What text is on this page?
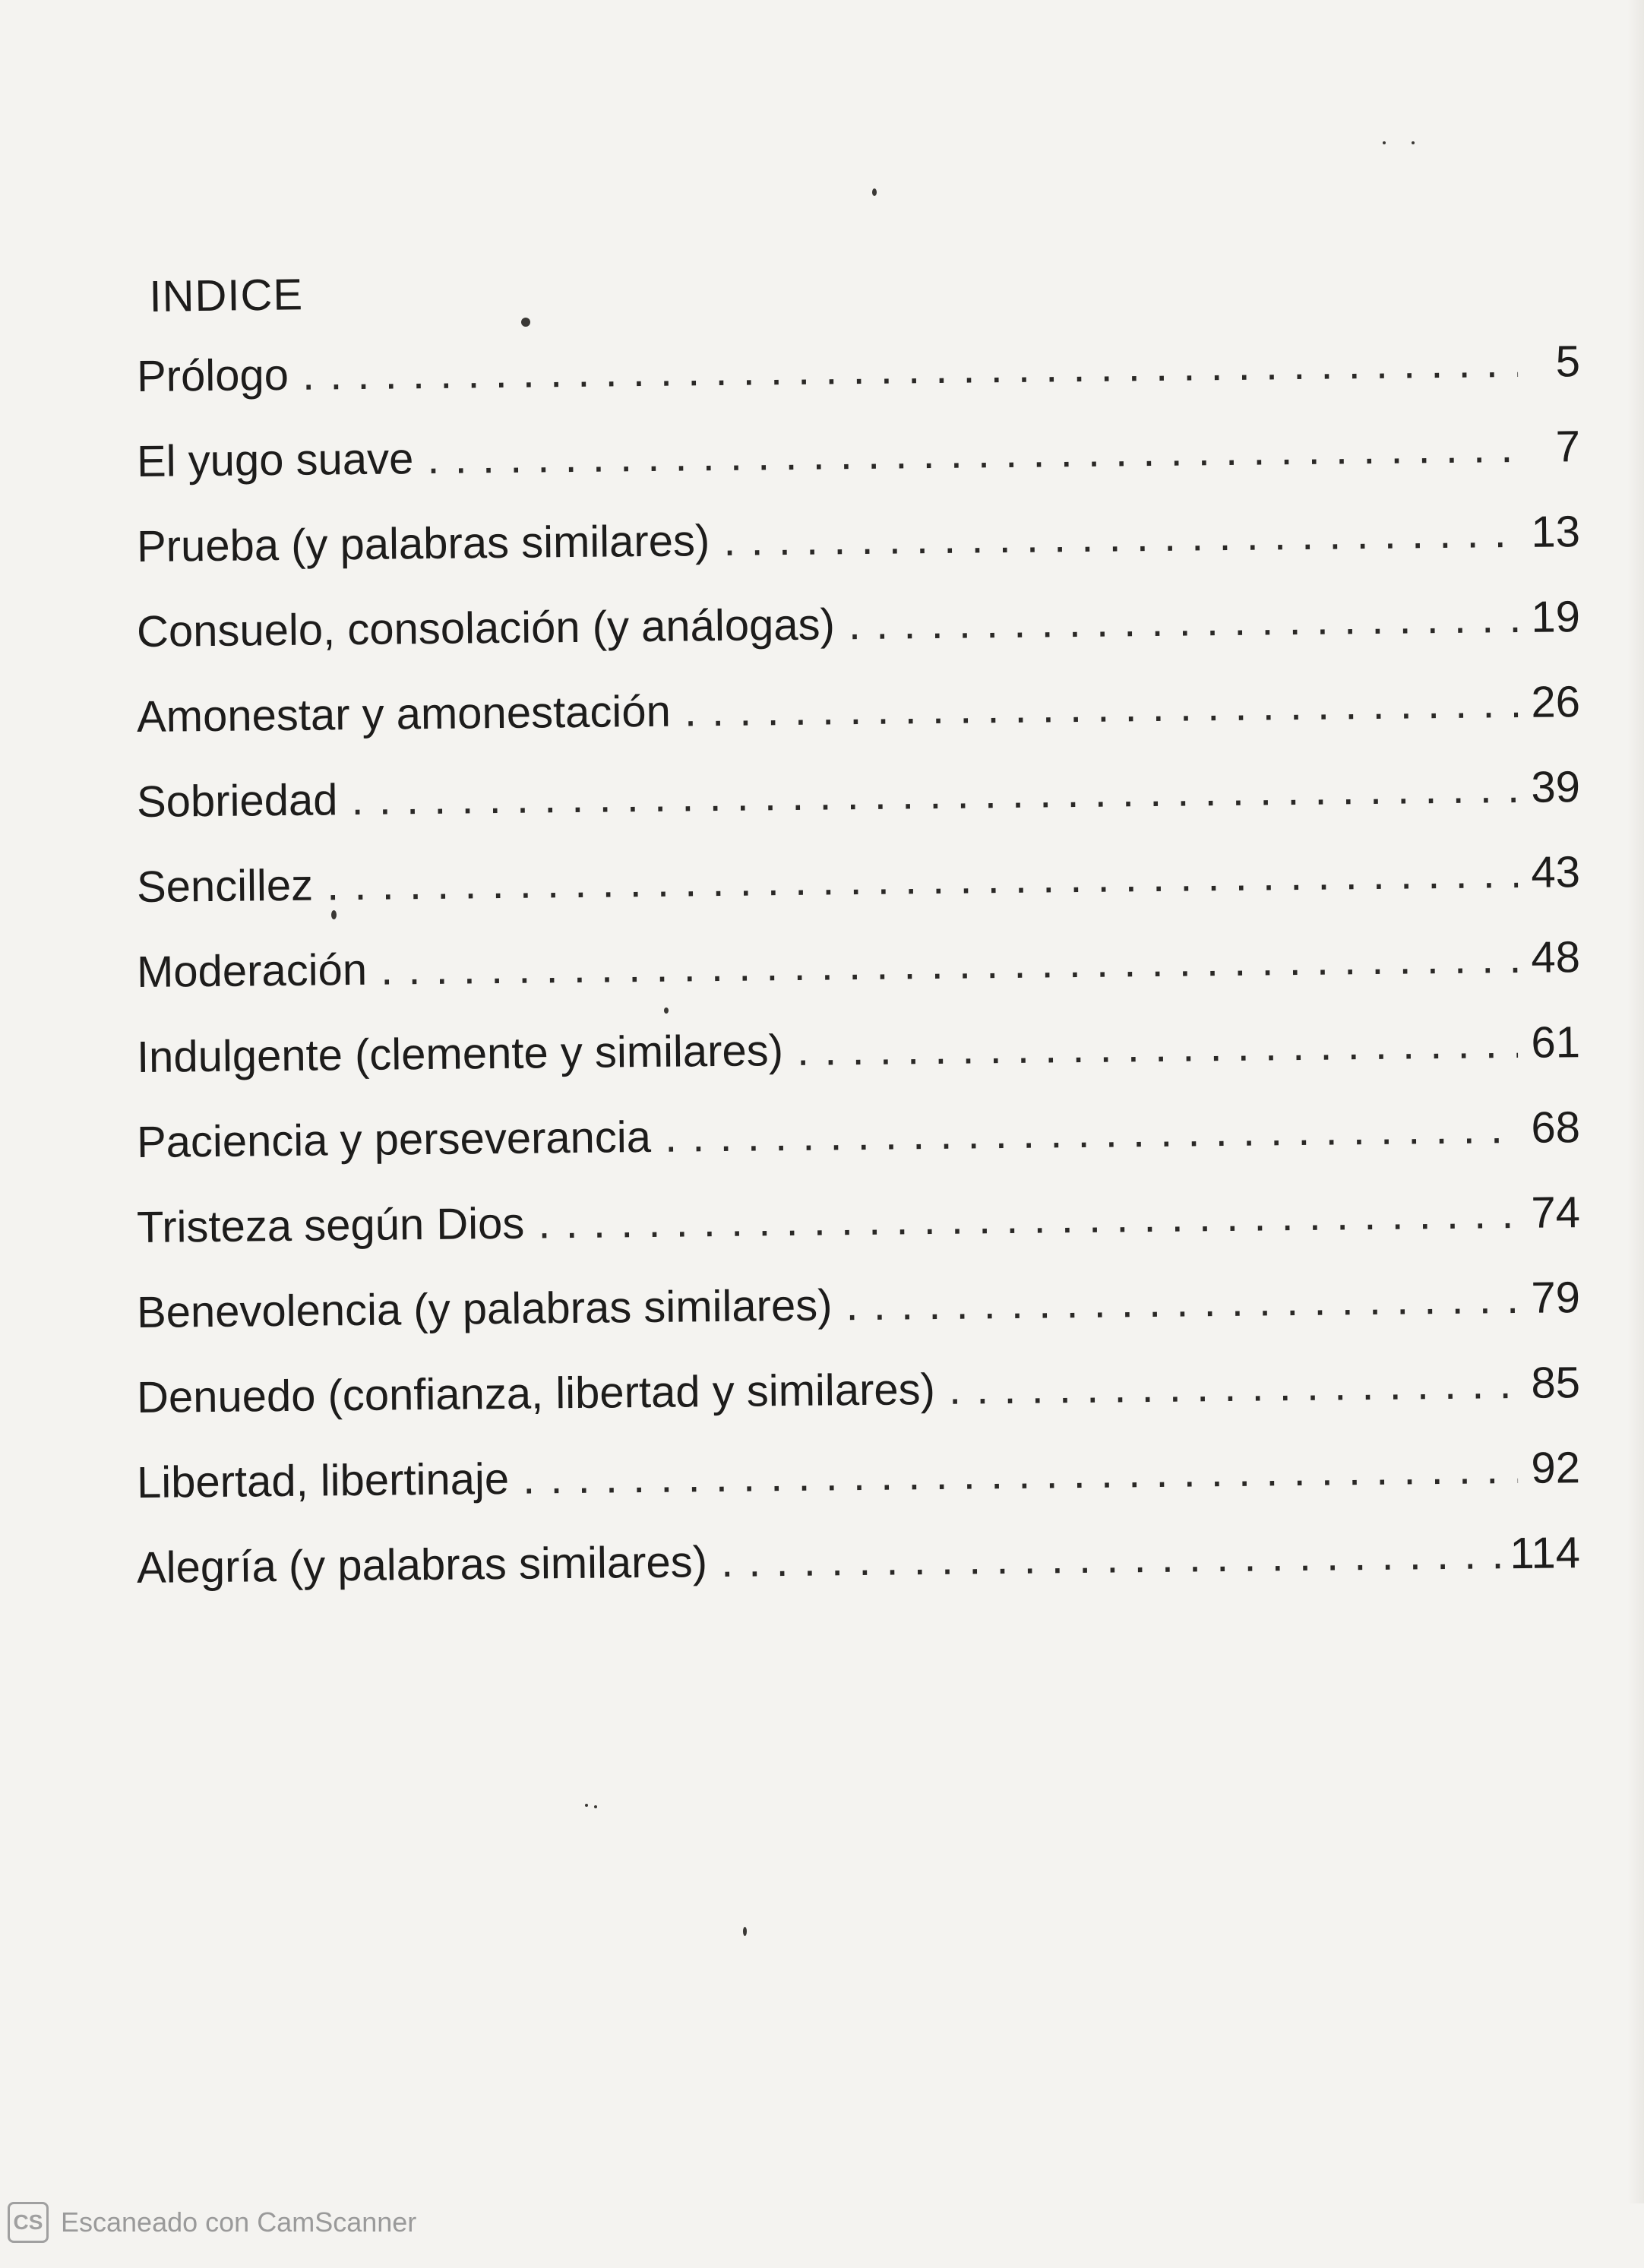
INDICE
Prólogo . . .	5
El yugo suave . . .	7
Prueba (y palabras similares) . . .	13
Consuelo, consolación (y análogas) . . .	19
Amonestar y amonestación . . .	26
Sobriedad . . .	39
Sencillez . . .	43
Moderación . . .	48
Indulgente (clemente y similares) . . .	61
Paciencia y perseverancia . . .	68
Tristeza según Dios . . .	74
Benevolencia (y palabras similares) . . .	79
Denuedo (confianza, libertad y similares) . . .	85
Libertad, libertinaje . . .	92
Alegría (y palabras similares) . . .	114
CS Escaneado con CamScanner
